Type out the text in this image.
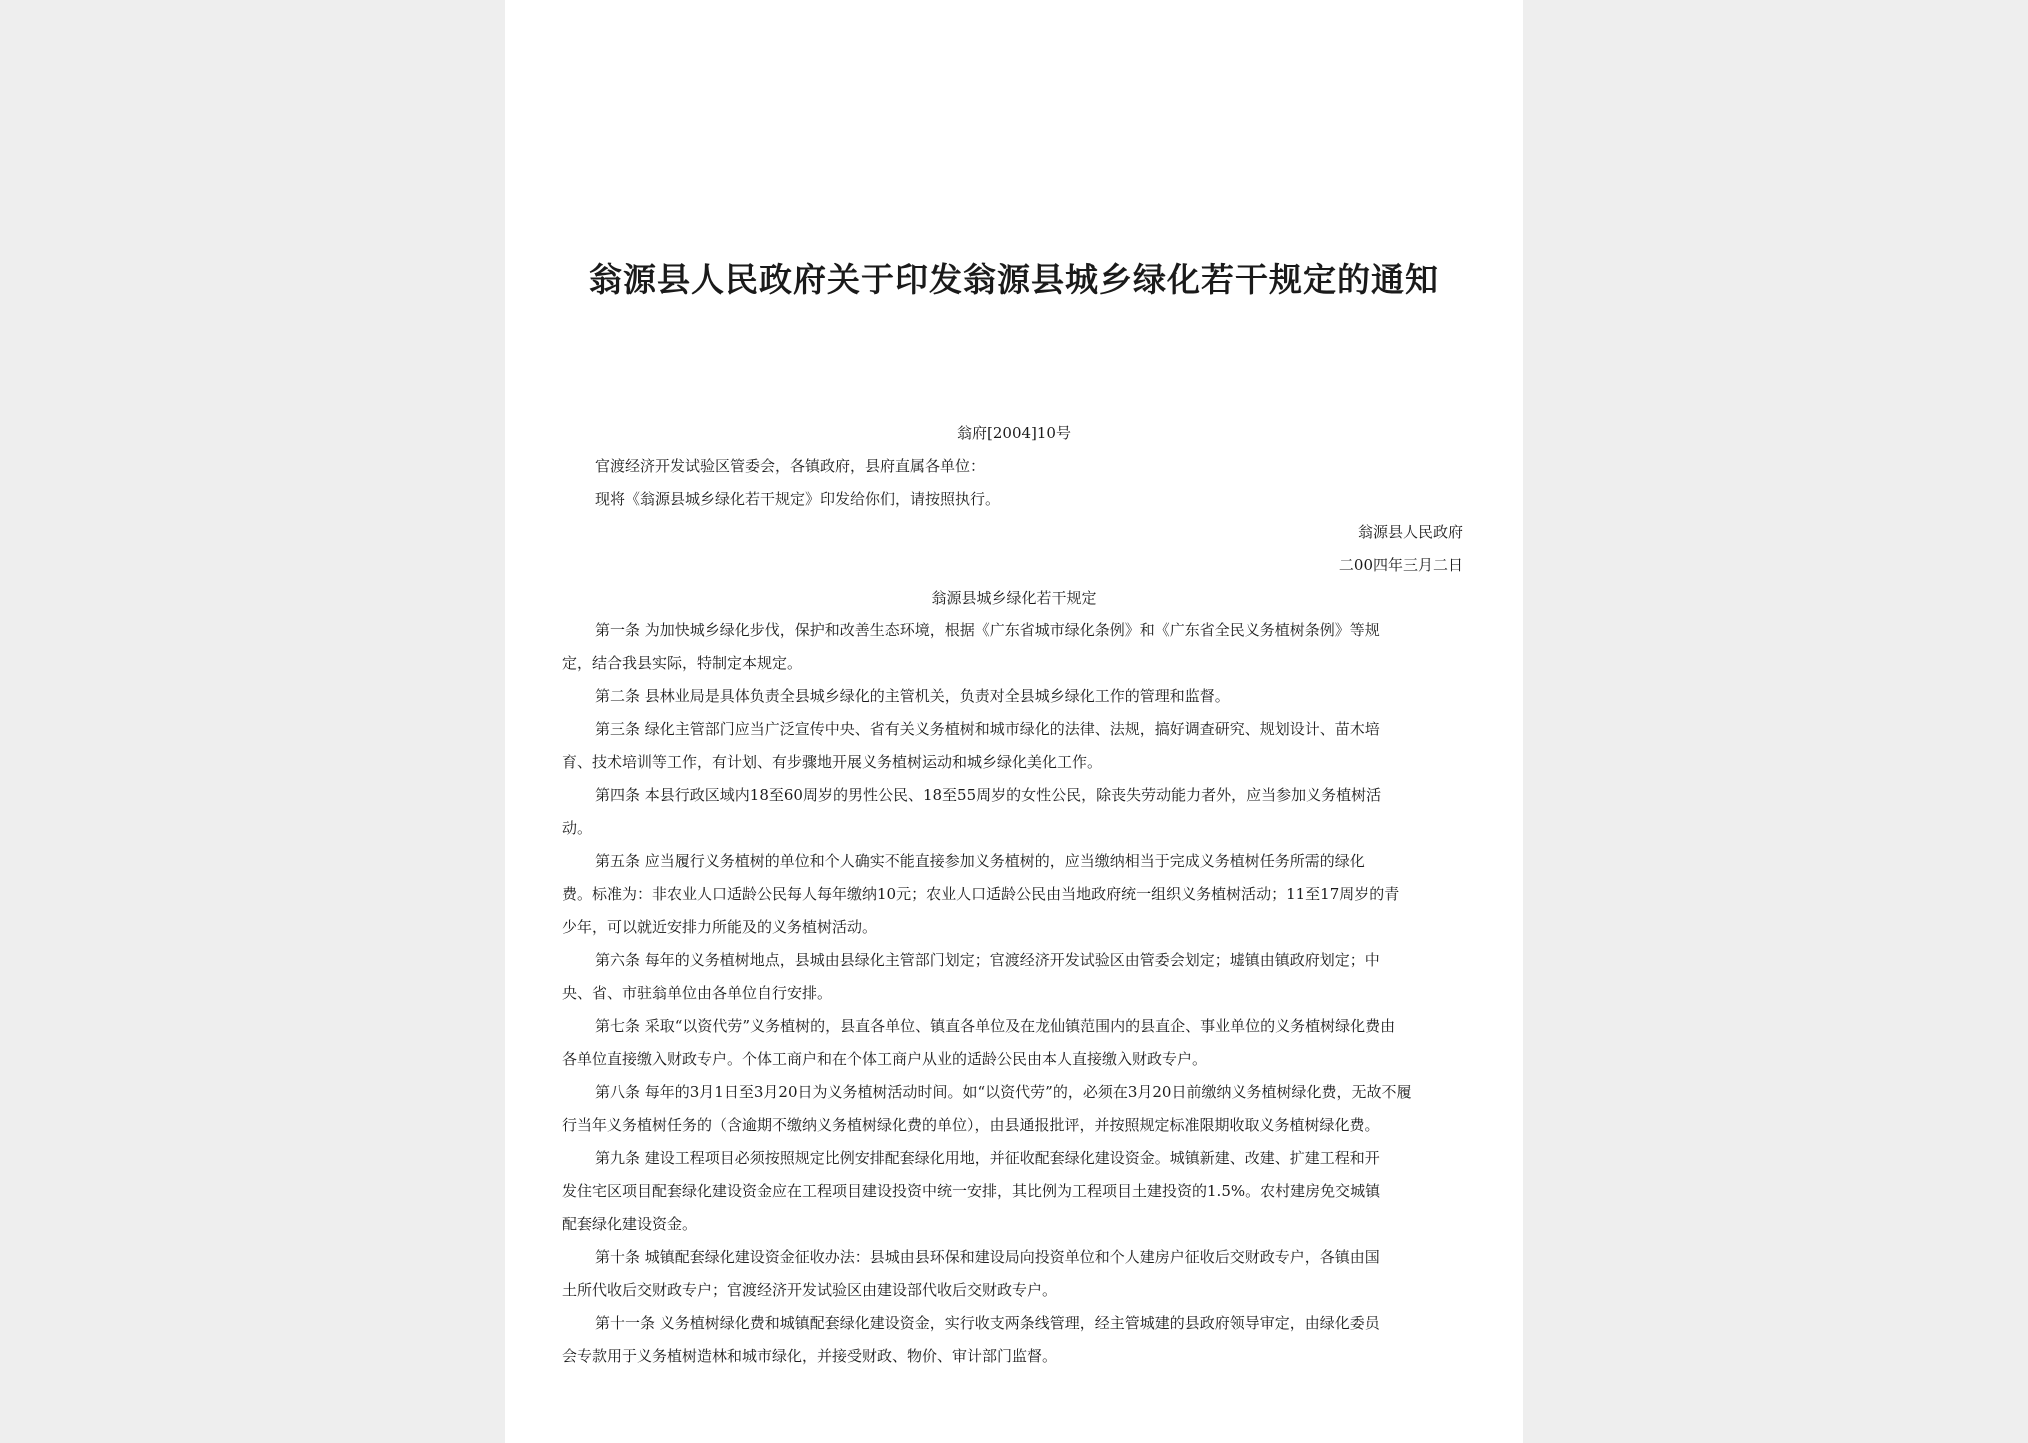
翁源县人民政府关于印发翁源县城乡绿化若干规定的通知
翁府[2004]10号
官渡经济开发试验区管委会，各镇政府，县府直属各单位：
现将《翁源县城乡绿化若干规定》印发给你们，请按照执行。
翁源县人民政府
二00四年三月二日
翁源县城乡绿化若干规定
第一条 为加快城乡绿化步伐，保护和改善生态环境，根据《广东省城市绿化条例》和《广东省全民义务植树条例》等规
定，结合我县实际，特制定本规定。
第二条 县林业局是具体负责全县城乡绿化的主管机关，负责对全县城乡绿化工作的管理和监督。
第三条 绿化主管部门应当广泛宣传中央、省有关义务植树和城市绿化的法律、法规，搞好调查研究、规划设计、苗木培
育、技术培训等工作，有计划、有步骤地开展义务植树运动和城乡绿化美化工作。
第四条 本县行政区域内18至60周岁的男性公民、18至55周岁的女性公民，除丧失劳动能力者外，应当参加义务植树活
动。
第五条 应当履行义务植树的单位和个人确实不能直接参加义务植树的，应当缴纳相当于完成义务植树任务所需的绿化
费。标准为：非农业人口适龄公民每人每年缴纳10元；农业人口适龄公民由当地政府统一组织义务植树活动；11至17周岁的青
少年，可以就近安排力所能及的义务植树活动。
第六条 每年的义务植树地点，县城由县绿化主管部门划定；官渡经济开发试验区由管委会划定；墟镇由镇政府划定；中
央、省、市驻翁单位由各单位自行安排。
第七条 采取“以资代劳”义务植树的，县直各单位、镇直各单位及在龙仙镇范围内的县直企、事业单位的义务植树绿化费由
各单位直接缴入财政专户。个体工商户和在个体工商户从业的适龄公民由本人直接缴入财政专户。
第八条 每年的3月1日至3月20日为义务植树活动时间。如“以资代劳”的，必须在3月20日前缴纳义务植树绿化费，无故不履
行当年义务植树任务的（含逾期不缴纳义务植树绿化费的单位），由县通报批评，并按照规定标准限期收取义务植树绿化费。
第九条 建设工程项目必须按照规定比例安排配套绿化用地，并征收配套绿化建设资金。城镇新建、改建、扩建工程和开
发住宅区项目配套绿化建设资金应在工程项目建设投资中统一安排，其比例为工程项目土建投资的1.5%。农村建房免交城镇
配套绿化建设资金。
第十条 城镇配套绿化建设资金征收办法：县城由县环保和建设局向投资单位和个人建房户征收后交财政专户，各镇由国
土所代收后交财政专户；官渡经济开发试验区由建设部代收后交财政专户。
第十一条 义务植树绿化费和城镇配套绿化建设资金，实行收支两条线管理，经主管城建的县政府领导审定，由绿化委员
会专款用于义务植树造林和城市绿化，并接受财政、物价、审计部门监督。
